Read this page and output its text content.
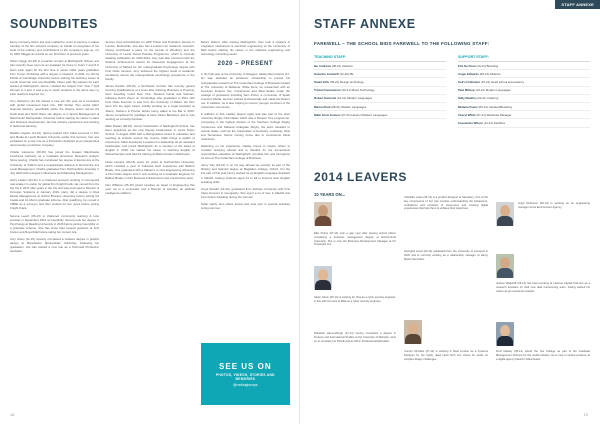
SOUNDBITES

Every company where she was enabled to count to become a valued member of the film school's company on behalf of recognition of her work in the industry and contributions to the company's sign-up, run by HMV Maggie as a band on our third floor of previous years.

Oliver Griggs (11-18) is a teacher of Latin at Marlingforth School, and has recently been seen as an assistant for those in Years 7 and 8 to learn Latin again for the first time in seven Older years graduated from Turner Christmas with a degree in Classics. In 2011, he did his PGCE at Cambridge University before starting his teaching career at Leeds Grammar and now Redcliffe. Oliver said 'My passion for Latin started at Marlingforth, where I studied the subject from Year 7 right through to it and. It was a joy to teach students in the same way my Latin teachers inspired me.'

Tom Hetherton (11-13) started a new job this year as a consultant with global investment bank firm, PW Global. Tom works within financial advisory, specifically within the finance sector across the North East and North West. His degree is in Sports Management at Manchester Metropolitan University before starting his career in sales and business development. He has industry experience and working in field-level advisory.

Maddie Hughes (11-19), having studied Film Class Honours in Film and Media at Leeds Beckett University earlier this summer, has now embarked on a new role as a Production Assistant at an independent documentary production company.

Charlie Lawrence (08-19) has joined the Greater Manchester Combined Authority as a Graduate Economic Research Analyst. Since leaving, Charlie has completed her degree in Economics at the University of Salford and a postgraduate diploma in Economics and Local Management. Charlie graduated from Northumbria University in July 2020 with a degree in Business and Marketing Management.

Harry Lawton (04-11) is a chartered surveyor working in commercial real estate in London for global firm Knight Frank. He moved from the big city in 2017 after years in the city and was promoted to Director of Occupier Solutions in January 2019. Harry did a degree in Real Estate Management at Oxford Brookes University before joining the Capita and CL Munro graduate scheme. After qualifying, he moved to CBRE as a surveyor and then worked for two years before joining Knight Frank.

Serena Leech (06-13) is chartered community learning & tutor provider in September 2012 at Caerphilly. Serena took her degree in Psychology at Reading University in 2016 before joining Caerphilly on a graduate scheme. She has since held several positions at both Cantor and Royal Mail before taking her current role.

Amy Owen (11-16) recently completed a masters degree in graphic design at Manchester Metropolitan University. Following her graduation, she has started a new role as a Technical Production Assistant.

Service Care Administrator for HPP Prison and Probation Service in London. Meanwhile, she also has a passion for academic research, having contributed a piece on the journal of Woolbury and the University of Leeds Social Practice Programme, which is currently awaiting publication for 2020-2021. Amy was also honoured with the Student Achievement Award for Research Engagement at the University of Salford for her undergraduate Psychology degree with First Class honours. Amy achieved the highest result of academic excellence across the undergraduate psychology programme in the faculty.

James Redder (08-15), a Northwold member has recently gained Fencing Qualifications at a level after finishing Business & Property, went travelling round New York, Panama Canal and Vietnam, following Dutch Zoom on Pontipridge who graduated in 2011 with First Class Honours in Law from the University of Wales. He then went into the legal career, initially working as a Legal Assistant at Stamp, Jackson & Procter before being called to the Bar in 2016. James completed his pupillage at Dere Street Barristers and is now working as a Family barrister.

Mark Rowan (08-15), former headmaster of Marlingforth School, has been appointed as the new Deputy Headmaster in Jarvis Tower School. In August 2020 with a distinguished career in education and teaching at schools around the country, Mark brings a wealth of experience. Mark developed a passion for leadership as an assistant headmaster and joined Marlingforth as a member of the Head of English in 2018. He started his career in teaching English at Wolverhampton and had his training at Marist House in Edinburgh.

Hosie Hoopes (09-15) spent six years at Northumbria University, which included a year of industrial work experience with Balfour Beatty. She graduated with a Master's in Civil Engineering achieving a First Class degree and is now working as a Graduate Engineer for Balfour Beatty in their Business Infrastructure and Construction team.

Dan Williams (05-15) joined Hoodies as Head of Engineering this year. He is a co-founder and a Director of Hoodies, an artificial intelligence platform.

Before Robert, After leaving Marlingforth, Dan took a masters in integrated mechanical & electrical engineering at the University of Bath before starting his career in the software engineering and technology consulting sector.

2020 – PRESENT

In his final year at the University of Glasgow, Hadley Benn-Harris (17-11) was awarded an academic scholarship to pursue his postgraduate research at The Cottenham College of Business located at The University of Alabama. While there, he researched with an American Finance Tax, Investments and Real Estate under the tutelage of professors including Sam Porter, a co-founder of Spark Investors Media. He then worked professionally and made the Dean's List. In addition, he is also helping to mentor younger members of the Cottenham community.

In addition to this, Hadley played rugby and was part of the Hour University Rugby Club Nation which was a Division One programme. Competing in the highest division of the Southern College Rugby Conference and National Collegiate Rugby, the team travelled to various states, such as the Universities of Kentucky, Louisiana, Ohio and Tennessee, before coming home due to coronavirus travel restrictions.

Reflecting on his experience, Hadley hopes to inspire others to consider studying abroad and is thankful for the tremendous opportunities education at Marlingforth provided him and throughout his time at The Cottenham College of Business.

Henry Kay (19-21) is on his way abroad as recently as part of the Ministry and Spanish degree at Magdalen College, Oxford. For the first part of this year Henry worked as an English Language Assistant in Madrid, helping students aged 14 to 18 to improve their English speaking skills.

Freya Stewart (13-20), graduated from Durham University with First Class Honours in Geography. She spent a lot of time in Madrid and Peru before travelling during the summer.

Dylan Hardy and others joined and took part in several activities during summer.

SEE US ON
PHOTOS, VIDEOS, STORIES AND MEMORIES
@rockingtonops
18
STAFF ANNEXE
STAFF ANNEXE
FAREWELL – THE SCHOOL BIDS FAREWELL TO THE FOLLOWING STAFF:
TEACHING STAFF:
Ian Andrews (96-21) Classics
Suzanne Cockerill (11-20) PE
Stuart Ellis (09-21) Design technology
Tristan Fiennemore (20-21) Music Technology
Robert Hancock (12-21) Modern Languages
Marion Paul (08-21) Modern Languages
Nikki Scott-Somers (07-21) Head of Modern Languages
SUPPORT STAFF:
Emi De Rosa (13-21) Boarding
Angie Edwards (08-21) Athletics
Ueli's Fehlmann (07-21) Head school accountancy
Paul Millsop (19-21) Modern Languages
Sally Rawlins (02-21) Catering
Melanie Peace (09-21) Canteen/Boarding
Cheryl White (07-21) Wardrobe Manager
Cassandra Wilson (11-21) Facilities
2014 LEAVERS
10 YEARS ON...

Ellie Pointy (07-14) took a gap year after leaving school before completing a business management degree at Northumbria University. She is now the Business Development Manager at ICI Properties Ltd.

Charlotte Lewis (06-14) is a product designer at Sainsbury. One of the key components of her role involves understanding the behaviours, motivations and emotions of consumers and creating digital experiences that help them to achieve their objectives.

Hugh Robinson (06-14) is working as an engineering manager at the Environment Agency.

Adam Glenn (05-14) is working for Visa as a cyber security engineer, in line with his work at BAE as a cyber security engineer.

Georgina Lloyd (03-14) graduated from the University of Liverpool in 2020 and is currently working as a relationship manager at Henry Martin Securities.

Joshua Wagstaff (06-14) has been working at Lazarus Capital Partners as a research assistant on their new deal restructuring team, having started his career as an investment analyst.

Rebekah Hamendhugh (11-14) having completed a degree in Finance and International Studies at the University of Warwick, went on to complete her PGCE and an MA in Professional Education.

Conner McCabe (07-14) is working in Real London as a Systems Designer for the highly rated Hard Tech Ltd, where he works on complex design challenges.

Fred Mealey (05-14) joined the Tax College as part of the Graduate Management Scheme for the media industry. He is now a content producer at a digital agency based in Manchester.

19
